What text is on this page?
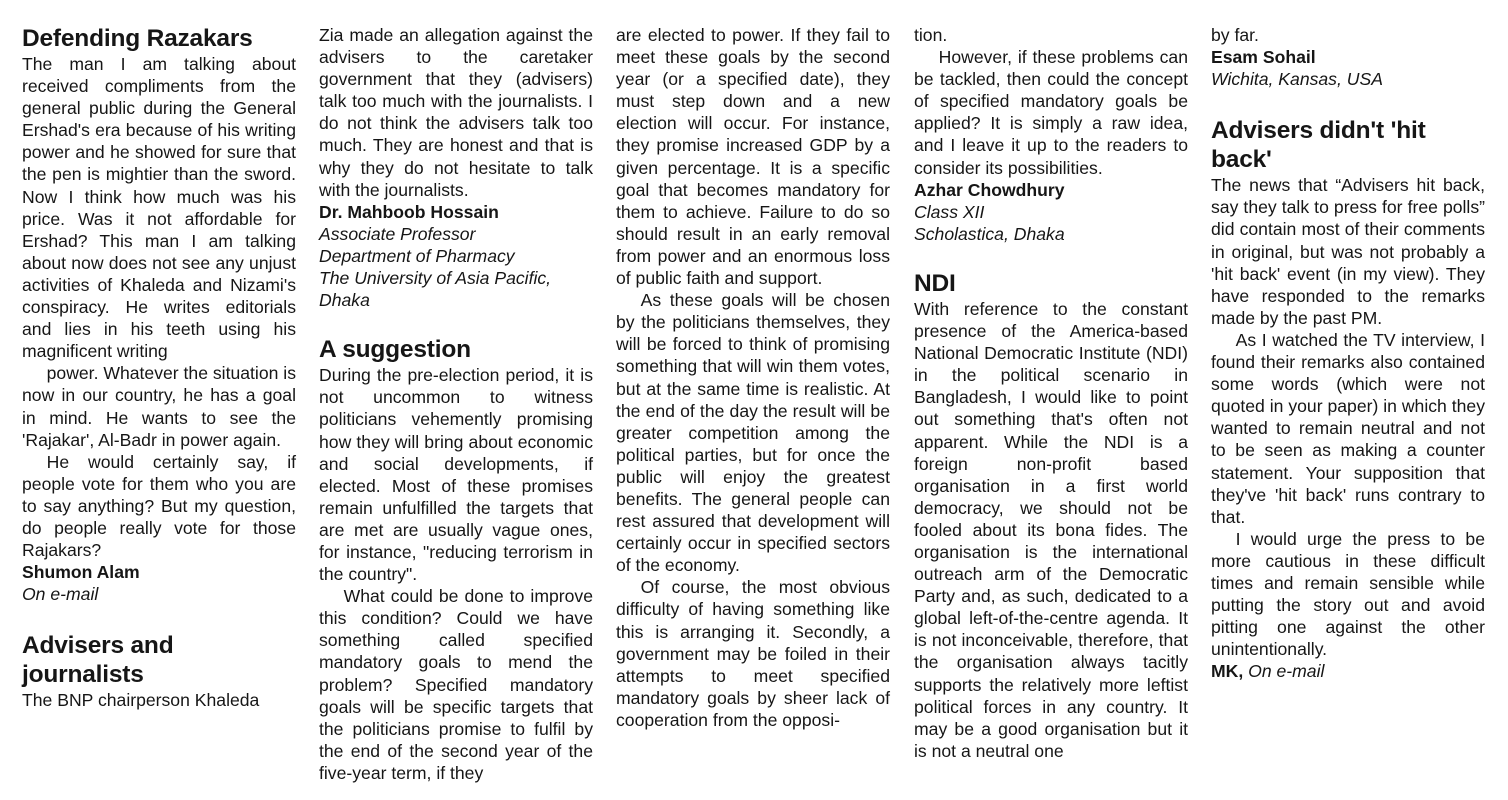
Defending Razakars

The man I am talking about received compliments from the general public during the General Ershad's era because of his writing power and he showed for sure that the pen is mightier than the sword. Now I think how much was his price. Was it not affordable for Ershad? This man I am talking about now does not see any unjust activities of Khaleda and Nizami's conspiracy. He writes editorials and lies in his teeth using his magnificent writing

power. Whatever the situation is now in our country, he has a goal in mind. He wants to see the 'Rajakar', Al-Badr in power again.

He would certainly say, if people vote for them who you are to say anything? But my question, do people really vote for those Rajakars?

Shumon Alam

On e-mail

Advisers and journalists

The BNP chairperson Khaleda

Zia made an allegation against the advisers to the caretaker government that they (advisers) talk too much with the journalists. I do not think the advisers talk too much. They are honest and that is why they do not hesitate to talk with the journalists.

Dr. Mahboob Hossain

Associate Professor

Department of Pharmacy

The University of Asia Pacific, Dhaka

A suggestion

During the pre-election period, it is not uncommon to witness politicians vehemently promising how they will bring about economic and social developments, if elected. Most of these promises remain unfulfilled the targets that are met are usually vague ones, for instance, "reducing terrorism in the country".

What could be done to improve this condition? Could we have something called specified mandatory goals to mend the problem? Specified mandatory goals will be specific targets that the politicians promise to fulfil by the end of the second year of the five-year term, if they

are elected to power. If they fail to meet these goals by the second year (or a specified date), they must step down and a new election will occur. For instance, they promise increased GDP by a given percentage. It is a specific goal that becomes mandatory for them to achieve. Failure to do so should result in an early removal from power and an enormous loss of public faith and support.

As these goals will be chosen by the politicians themselves, they will be forced to think of promising something that will win them votes, but at the same time is realistic. At the end of the day the result will be greater competition among the political parties, but for once the public will enjoy the greatest benefits. The general people can rest assured that development will certainly occur in specified sectors of the economy.

Of course, the most obvious difficulty of having something like this is arranging it. Secondly, a government may be foiled in their attempts to meet specified mandatory goals by sheer lack of cooperation from the opposi-

tion.

However, if these problems can be tackled, then could the concept of specified mandatory goals be applied? It is simply a raw idea, and I leave it up to the readers to consider its possibilities.

Azhar Chowdhury

Class XII

Scholastica, Dhaka

NDI

With reference to the constant presence of the America-based National Democratic Institute (NDI) in the political scenario in Bangladesh, I would like to point out something that's often not apparent. While the NDI is a foreign non-profit based organisation in a first world democracy, we should not be fooled about its bona fides. The organisation is the international outreach arm of the Democratic Party and, as such, dedicated to a global left-of-the-centre agenda. It is not inconceivable, therefore, that the organisation always tacitly supports the relatively more leftist political forces in any country. It may be a good organisation but it is not a neutral one

by far.

Esam Sohail

Wichita, Kansas, USA

Advisers didn't 'hit back'

The news that “Advisers hit back, say they talk to press for free polls” did contain most of their comments in original, but was not probably a 'hit back' event (in my view). They have responded to the remarks made by the past PM.

As I watched the TV interview, I found their remarks also contained some words (which were not quoted in your paper) in which they wanted to remain neutral and not to be seen as making a counter statement. Your supposition that they've 'hit back' runs contrary to that.

I would urge the press to be more cautious in these difficult times and remain sensible while putting the story out and avoid pitting one against the other unintentionally.

MK, On e-mail
